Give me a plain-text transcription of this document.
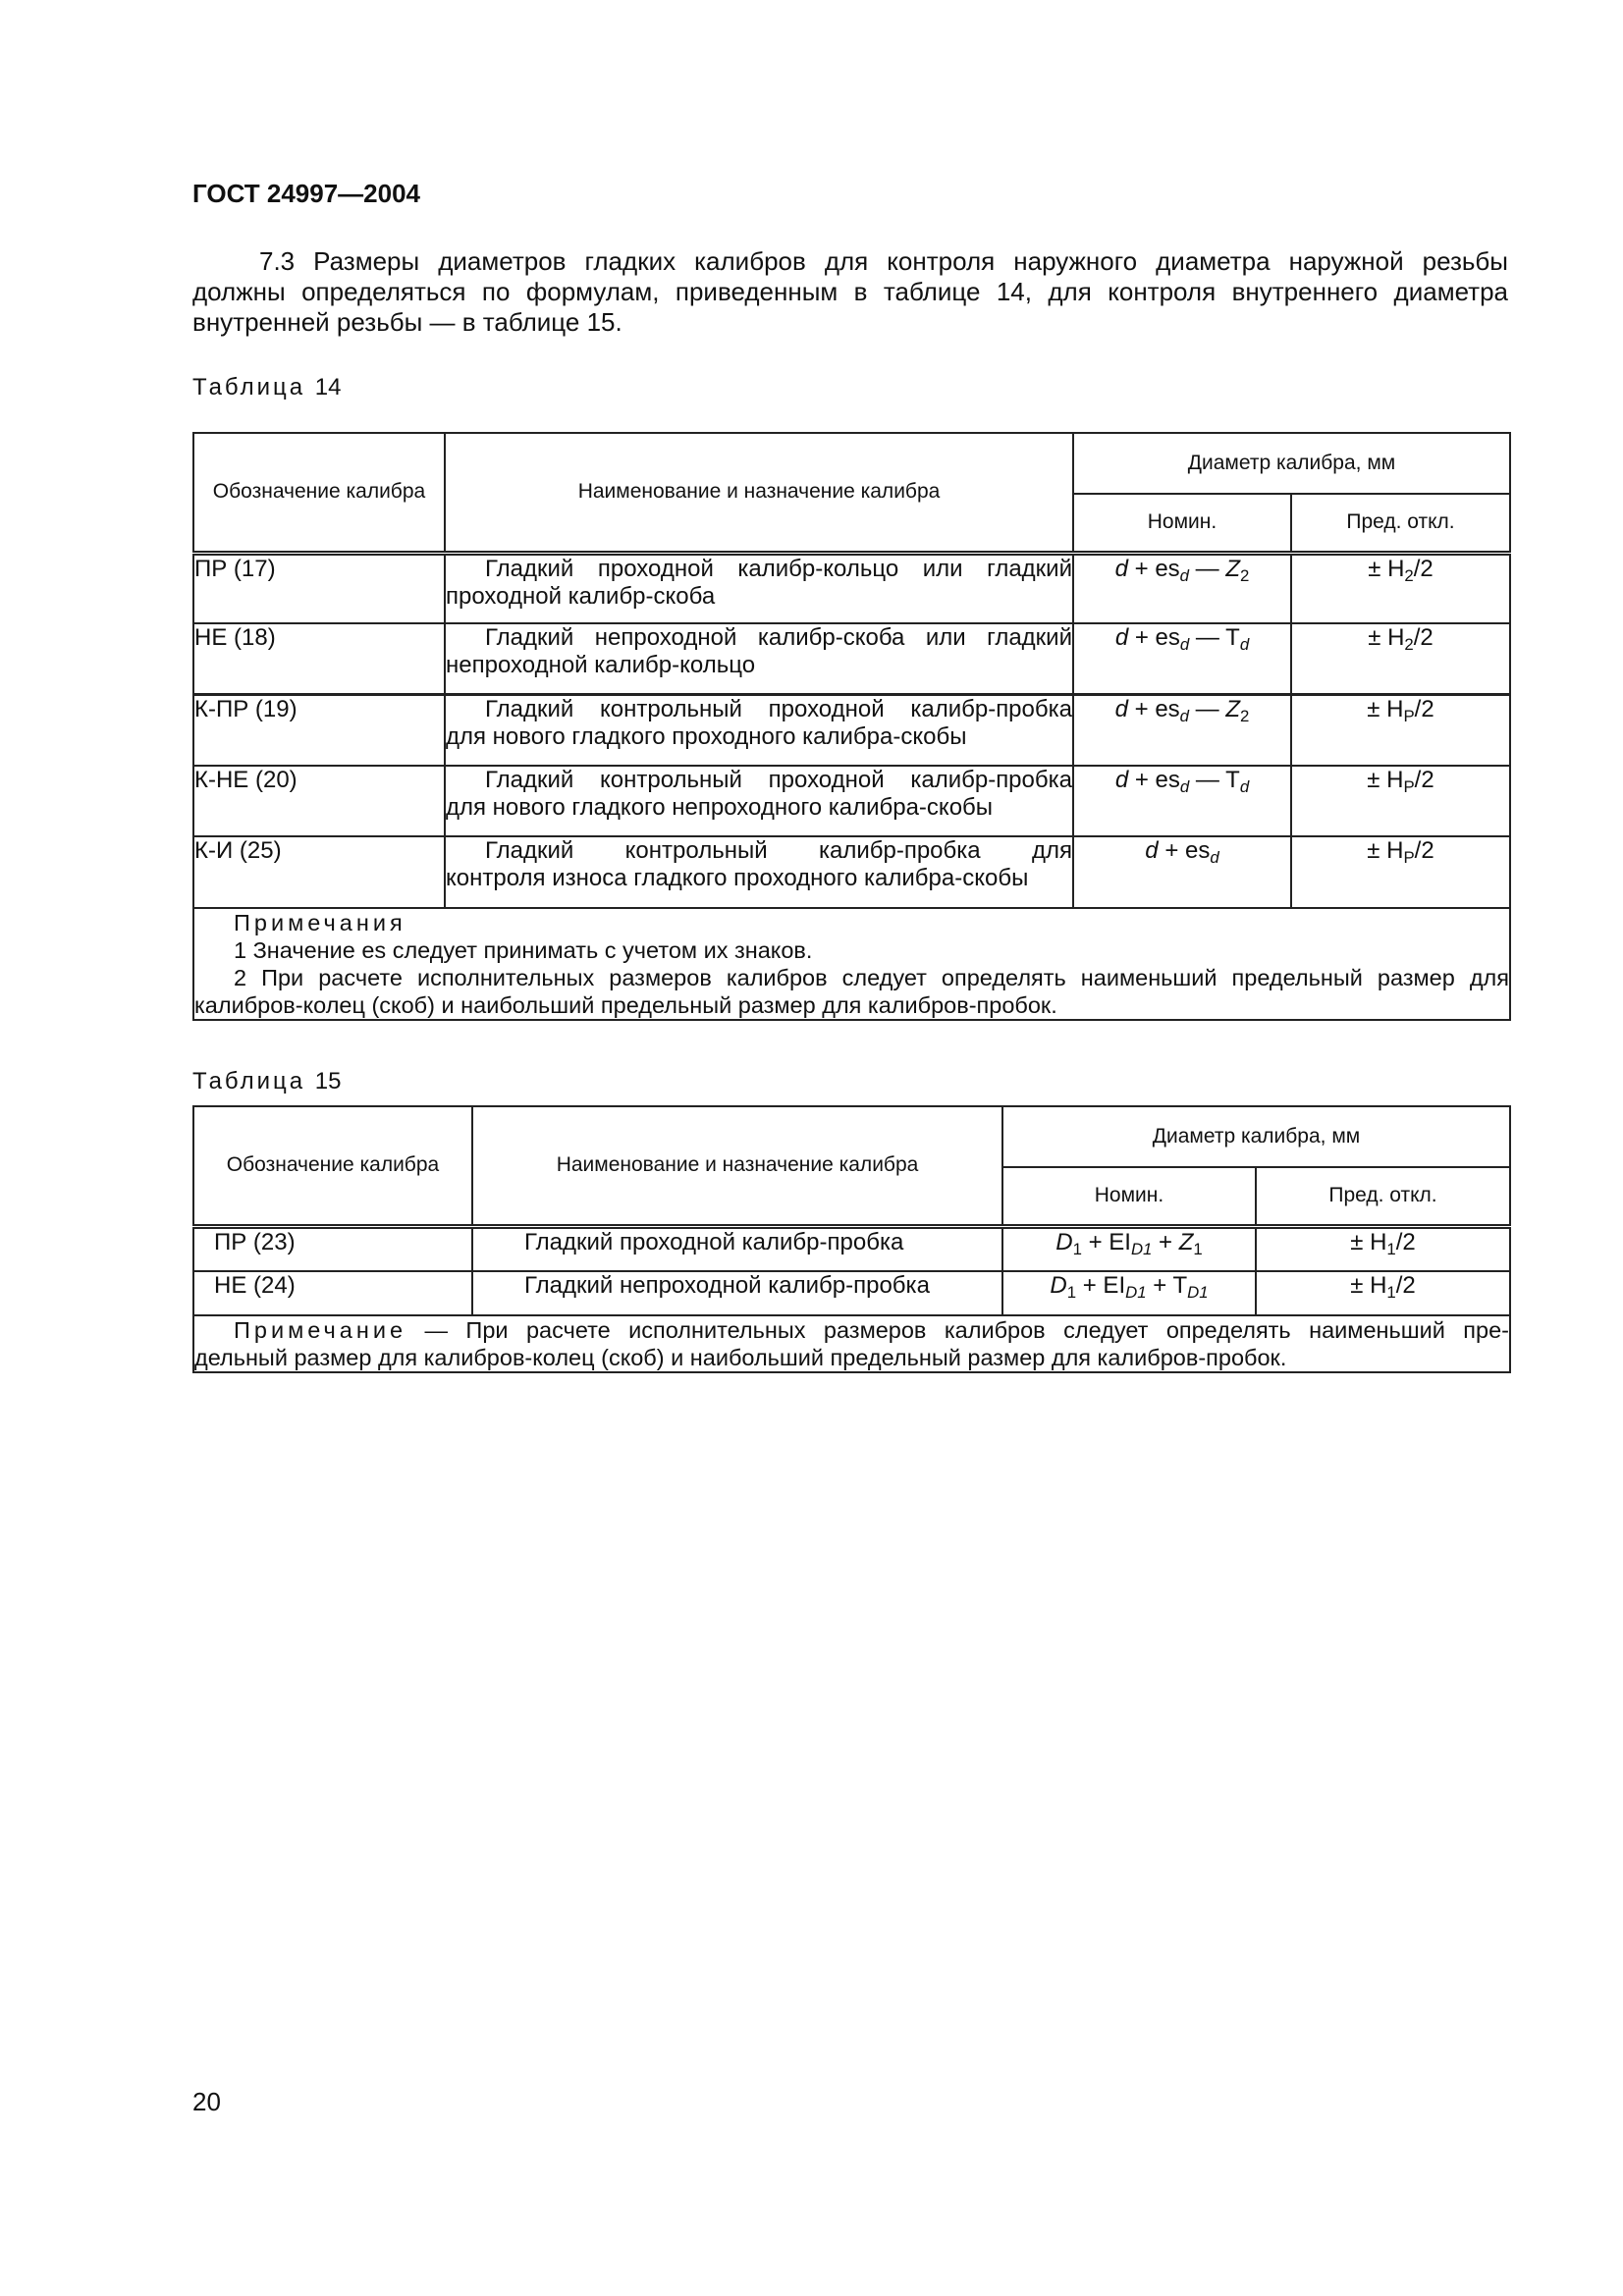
ГОСТ 24997—2004
7.3 Размеры диаметров гладких калибров для контроля наружного диаметра наружной резьбы
должны определяться по формулам, приведенным в таблице 14, для контроля внутреннего диаметра
внутренней резьбы — в таблице 15.
Таблица 14
Обозначение калибра	Наименование и назначение калибра	Диаметр калибра, мм	
		Номин.	Пред. откл.
ПР (17)	Гладкий проходной калибр-кольцо или гладкий
проходной калибр-скоба	$d + es_d$ — $Z_2$	± $H_2/2$
НЕ (18)	Гладкий непроходной калибр-скоба или гладкий
непроходной калибр-кольцо	$d + es_d$ — $T_d$	± $H_2/2$
К-ПР (19)	Гладкий контрольный проходной калибр-пробка
для нового гладкого проходного калибра-скобы	$d + es_d$ — $Z_2$	± $H_P/2$
К-НЕ (20)	Гладкий контрольный проходной калибр-пробка
для нового гладкого непроходного калибра-скобы	$d + es_d$ — $T_d$	± $H_P/2$
К-И (25)	Гладкий контрольный калибр-пробка для
контроля износа гладкого проходного калибра-скобы	$d + es_d$	± $H_P/2$

Примечания
1 Значение es следует принимать с учетом их знаков.
2 При расчете исполнительных размеров калибров следует определять наименьший предельный размер для
калибров-колец (скоб) и наибольший предельный размер для калибров-пробок.			
Таблица 15
Обозначение калибра	Наименование и назначение калибра	Диаметр калибра, мм	
		Номин.	Пред. откл.
ПР (23)	Гладкий проходной калибр-пробка	$D_1 + EI_{D1} + Z_1$	± $H_1/2$
НЕ (24)	Гладкий непроходной калибр-пробка	$D_1 + EI_{D1} + T_{D1}$	± $H_1/2$

Примечание — При расчете исполнительных размеров калибров следует определять наименьший пре-
дельный размер для калибров-колец (скоб) и наибольший предельный размер для калибров-пробок.			
20
